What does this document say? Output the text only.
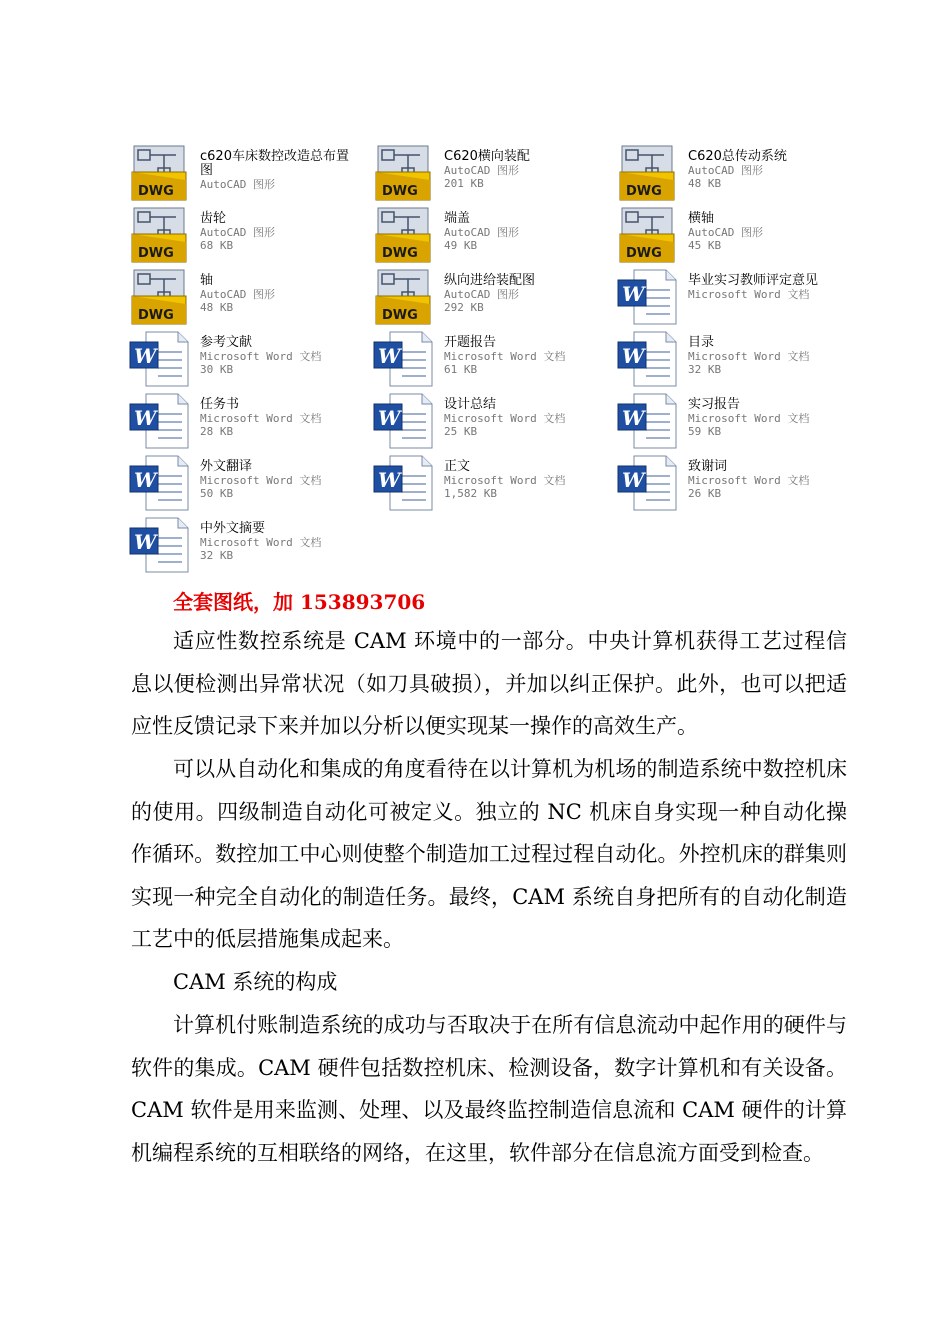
DWG
c620车床数控改造总布置图
AutoCAD 图形	DWG
C620横向装配
AutoCAD 图形
201 KB
DWG
C620总传动系统
AutoCAD 图形
48 KB
DWG
齿轮
AutoCAD 图形
68 KB
DWG
端盖
AutoCAD 图形
49 KB
DWG
横轴
AutoCAD 图形
45 KB
DWG
轴
AutoCAD 图形
48 KB
DWG
纵向进给装配图
AutoCAD 图形
292 KB
W
毕业实习教师评定意见
Microsoft Word 文档
W
参考文献
Microsoft Word 文档
30 KB
W
开题报告
Microsoft Word 文档
61 KB
W
目录
Microsoft Word 文档
32 KB
W
任务书
Microsoft Word 文档
28 KB
W
设计总结
Microsoft Word 文档
25 KB
W
实习报告
Microsoft Word 文档
59 KB
W
外文翻译
Microsoft Word 文档
50 KB
W
正文
Microsoft Word 文档
1,582 KB
W
致谢词
Microsoft Word 文档
26 KB
W
中外文摘要
Microsoft Word 文档
32 KB
全套图纸，加 153893706

适应性数控系统是 CAM 环境中的一部分。中央计算机获得工艺过程信息以便检测出异常状况（如刀具破损），并加以纠正保护。此外，也可以把适应性反馈记录下来并加以分析以便实现某一操作的高效生产。

可以从自动化和集成的角度看待在以计算机为机场的制造系统中数控机床的使用。四级制造自动化可被定义。独立的 NC 机床自身实现一种自动化操作循环。数控加工中心则使整个制造加工过程过程自动化。外控机床的群集则实现一种完全自动化的制造任务。最终，CAM 系统自身把所有的自动化制造工艺中的低层措施集成起来。

CAM 系统的构成

计算机付账制造系统的成功与否取决于在所有信息流动中起作用的硬件与软件的集成。CAM 硬件包括数控机床、检测设备，数字计算机和有关设备。CAM 软件是用来监测、处理、以及最终监控制造信息流和 CAM 硬件的计算机编程系统的互相联络的网络，在这里，软件部分在信息流方面受到检查。
